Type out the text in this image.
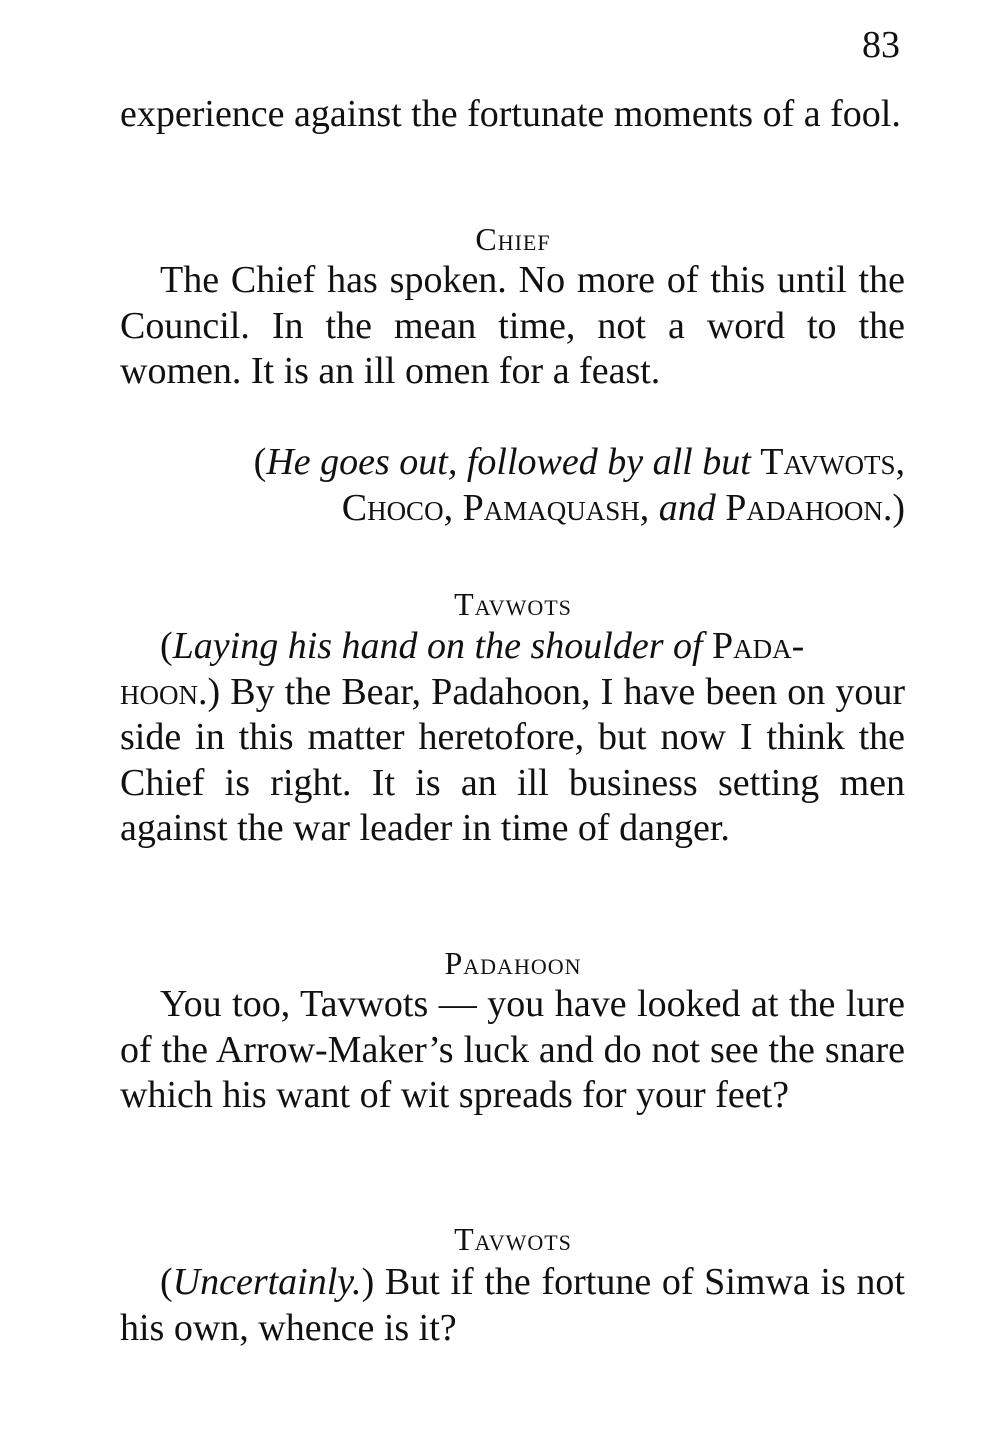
83

experience against the fortunate moments of a fool.

Chief

The Chief has spoken. No more of this until the Council. In the mean time, not a word to the women. It is an ill omen for a feast.

(He goes out, followed by all but Tavwots,
Choco, Pamaquash, and Padahoon.)

Tavwots

(Laying his hand on the shoulder of Pada-
hoon.) By the Bear, Padahoon, I have been on your side in this matter heretofore, but now I think the Chief is right. It is an ill business setting men against the war leader in time of danger.

Padahoon

You too, Tavwots — you have looked at the lure of the Arrow-Maker’s luck and do not see the snare which his want of wit spreads for your feet?

Tavwots

(Uncertainly.) But if the fortune of Simwa is not his own, whence is it?
